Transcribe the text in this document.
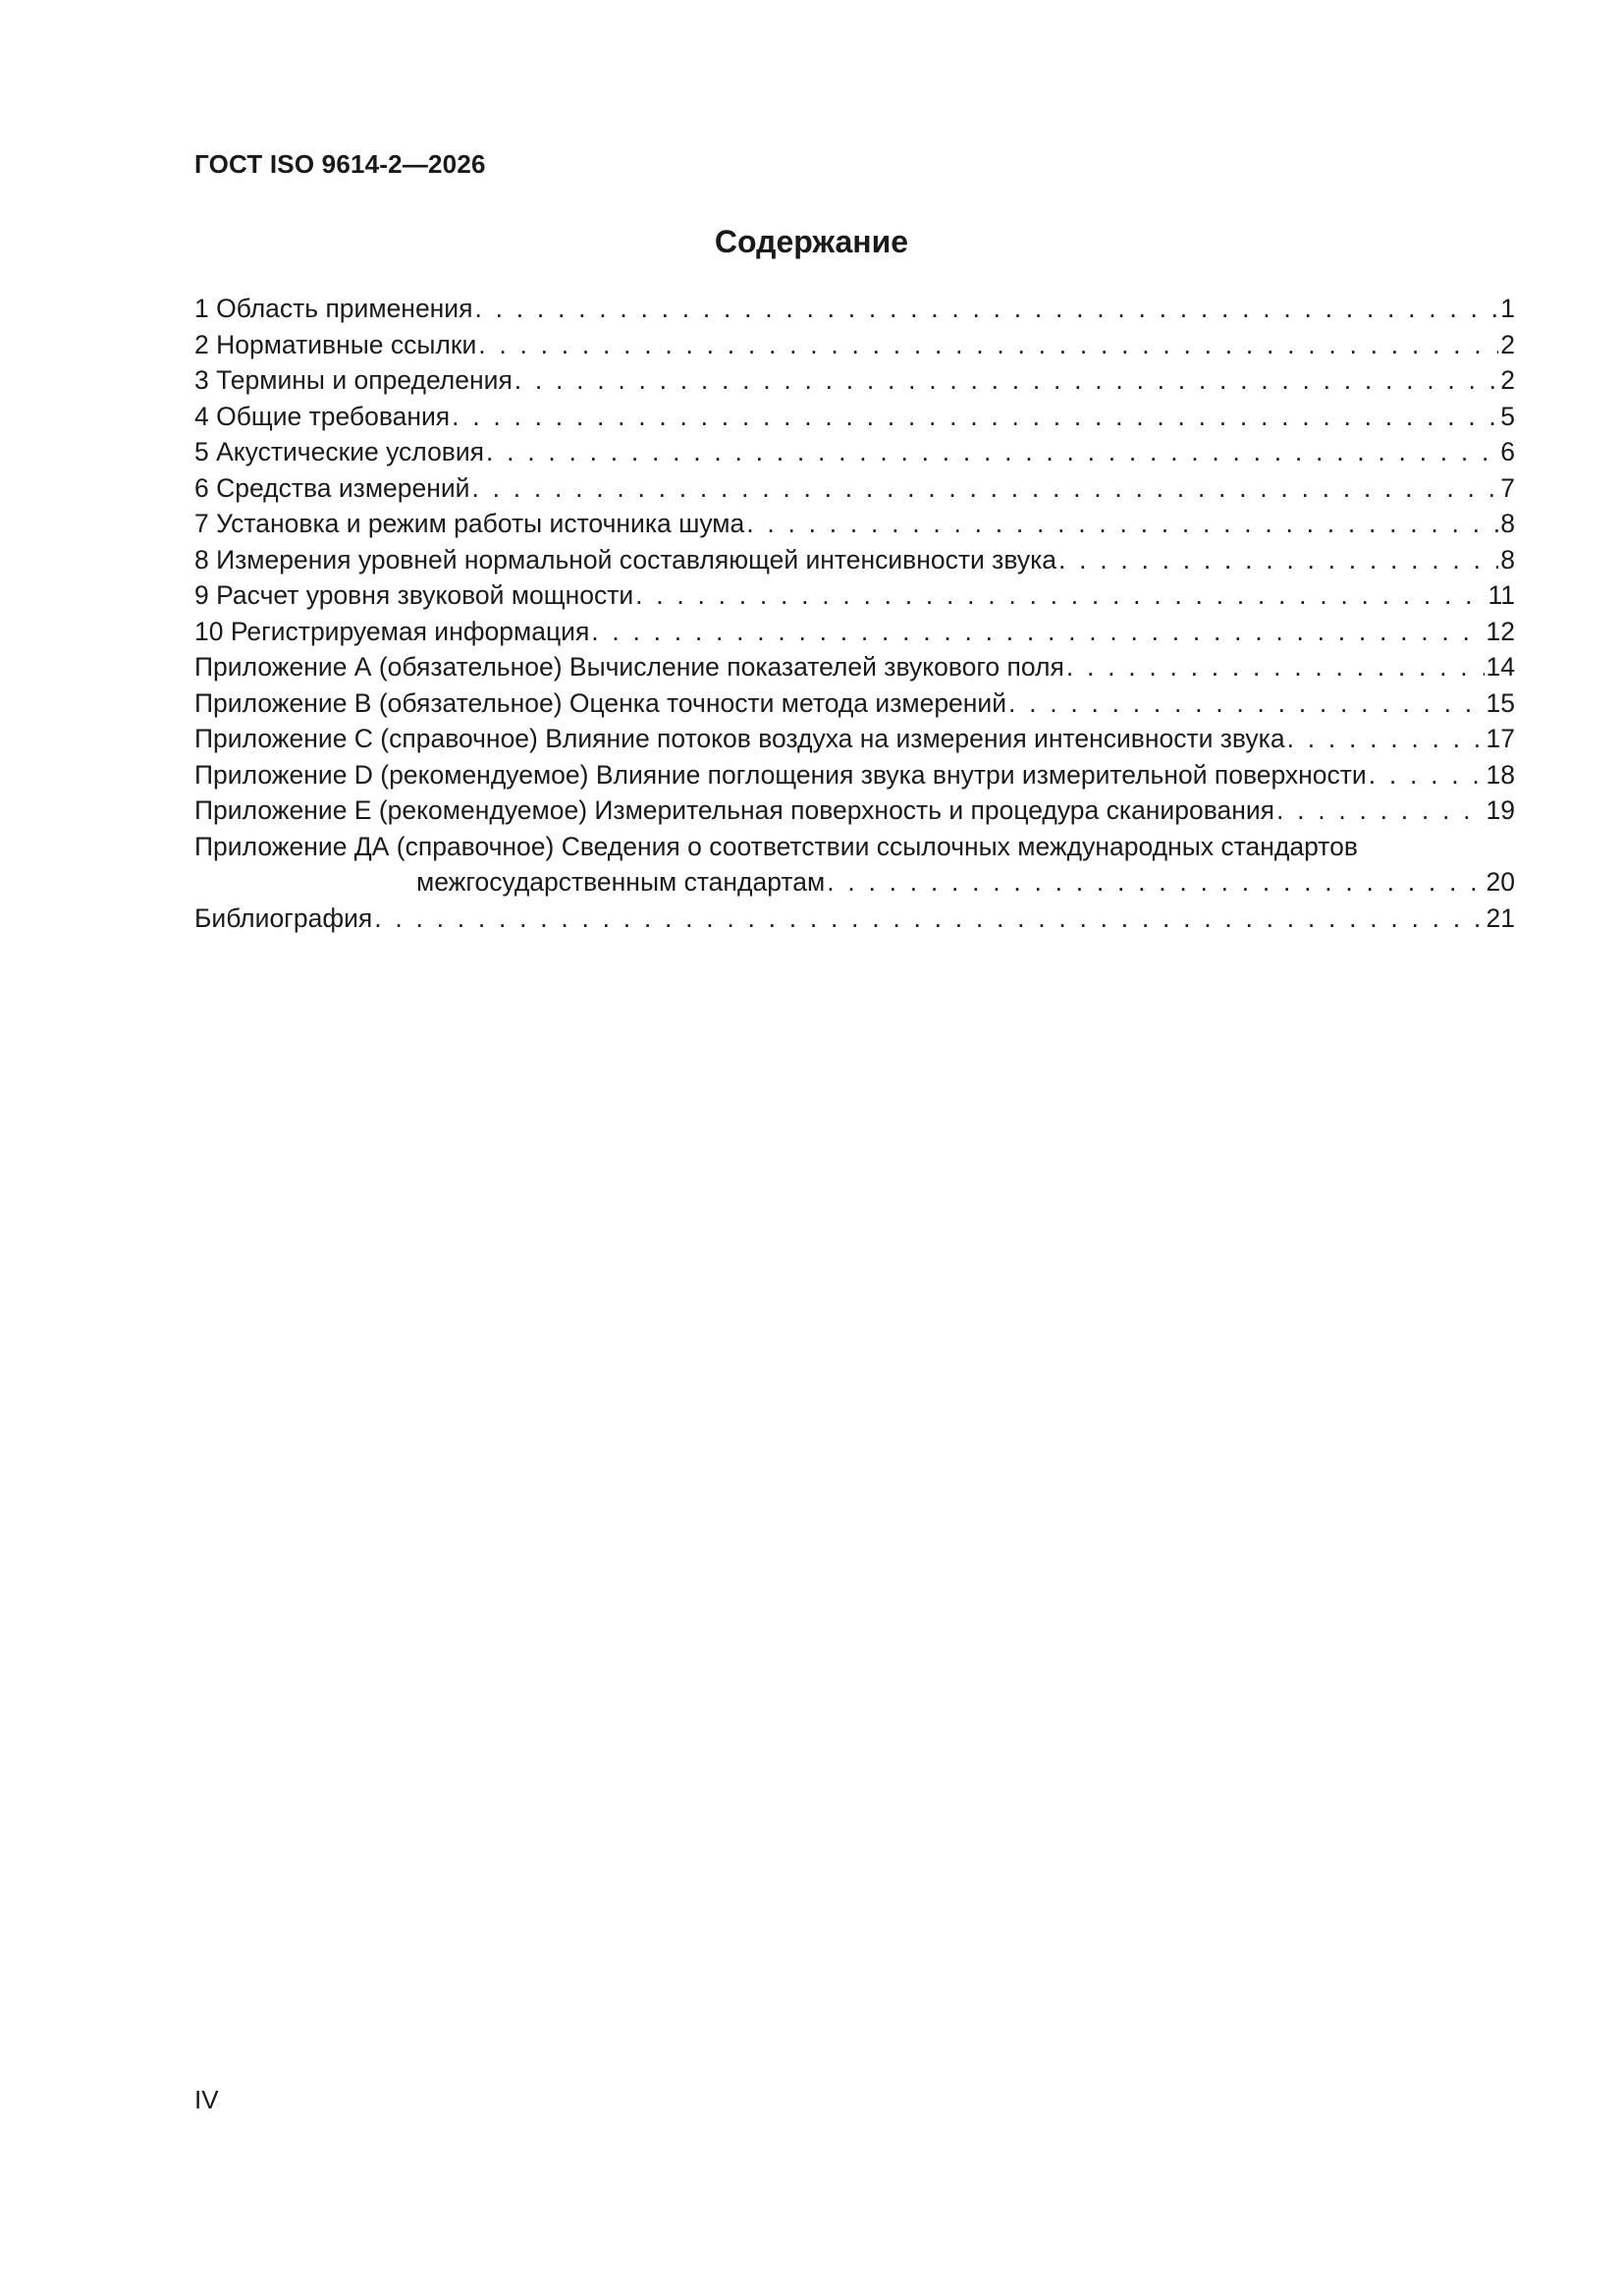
ГОСТ ISO 9614-2—2026
Содержание
1 Область применения . . .	1
2 Нормативные ссылки . . .	2
3 Термины и определения . . .	2
4 Общие требования . . .	5
5 Акустические условия . . .	6
6 Средства измерений . . .	7
7 Установка и режим работы источника шума . . .	8
8 Измерения уровней нормальной составляющей интенсивности звука . . .	8
9 Расчет уровня звуковой мощности . . .	11
10 Регистрируемая информация . . .	12
Приложение А (обязательное) Вычисление показателей звукового поля . . .	14
Приложение В (обязательное) Оценка точности метода измерений . . .	15
Приложение С (справочное) Влияние потоков воздуха на измерения интенсивности звука . . .	17
Приложение D (рекомендуемое) Влияние поглощения звука внутри измерительной поверхности . . .	18
Приложение Е (рекомендуемое) Измерительная поверхность и процедура сканирования . . .	19
Приложение ДА (справочное) Сведения о соответствии ссылочных международных стандартов
межгосударственным стандартам . . .	20
Библиография . . .	21
IV
